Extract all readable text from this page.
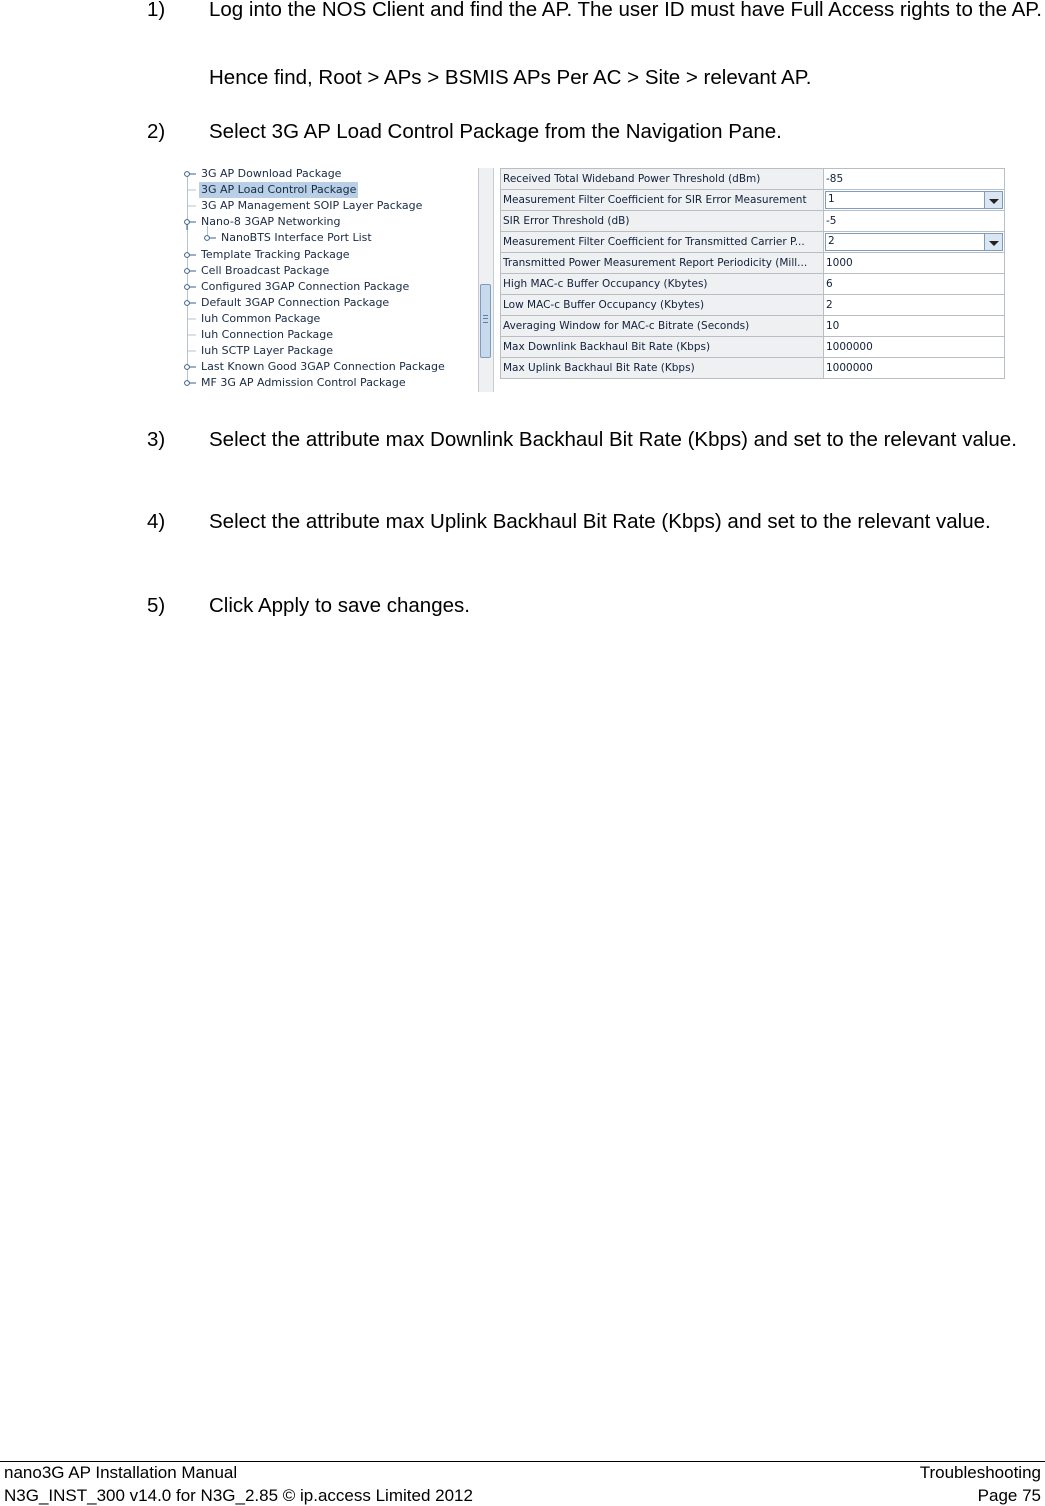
1)	Log into the NOS Client and find the AP. The user ID must have Full Access rights to the AP.
Hence find, Root > APs > BSMIS APs Per AC > Site > relevant AP.
2)	Select 3G AP Load Control Package from the Navigation Pane.
3G AP Download Package
3G AP Load Control Package
3G AP Management SOIP Layer Package
Nano-8 3GAP Networking
NanoBTS Interface Port List
Template Tracking Package
Cell Broadcast Package
Configured 3GAP Connection Package
Default 3GAP Connection Package
Iuh Common Package
Iuh Connection Package
Iuh SCTP Layer Package
Last Known Good 3GAP Connection Package
MF 3G AP Admission Control Package
Received Total Wideband Power Threshold (dBm)	-85
Measurement Filter Coefficient for SIR Error Measurement	1

SIR Error Threshold (dB)	-5
Measurement Filter Coefficient for Transmitted Carrier P...	2

Transmitted Power Measurement Report Periodicity (Mill...	1000
High MAC-c Buffer Occupancy (Kbytes)	6
Low MAC-c Buffer Occupancy (Kbytes)	2
Averaging Window for MAC-c Bitrate (Seconds)	10
Max Downlink Backhaul Bit Rate (Kbps)	1000000
Max Uplink Backhaul Bit Rate (Kbps)	1000000
3)	Select the attribute max Downlink Backhaul Bit Rate (Kbps) and set to the relevant value.
4)	Select the attribute max Uplink Backhaul Bit Rate (Kbps) and set to the relevant value.
5)	Click Apply to save changes.
nano3G AP Installation Manual
N3G_INST_300 v14.0 for N3G_2.85 © ip.access Limited 2012
Troubleshooting
Page 75
